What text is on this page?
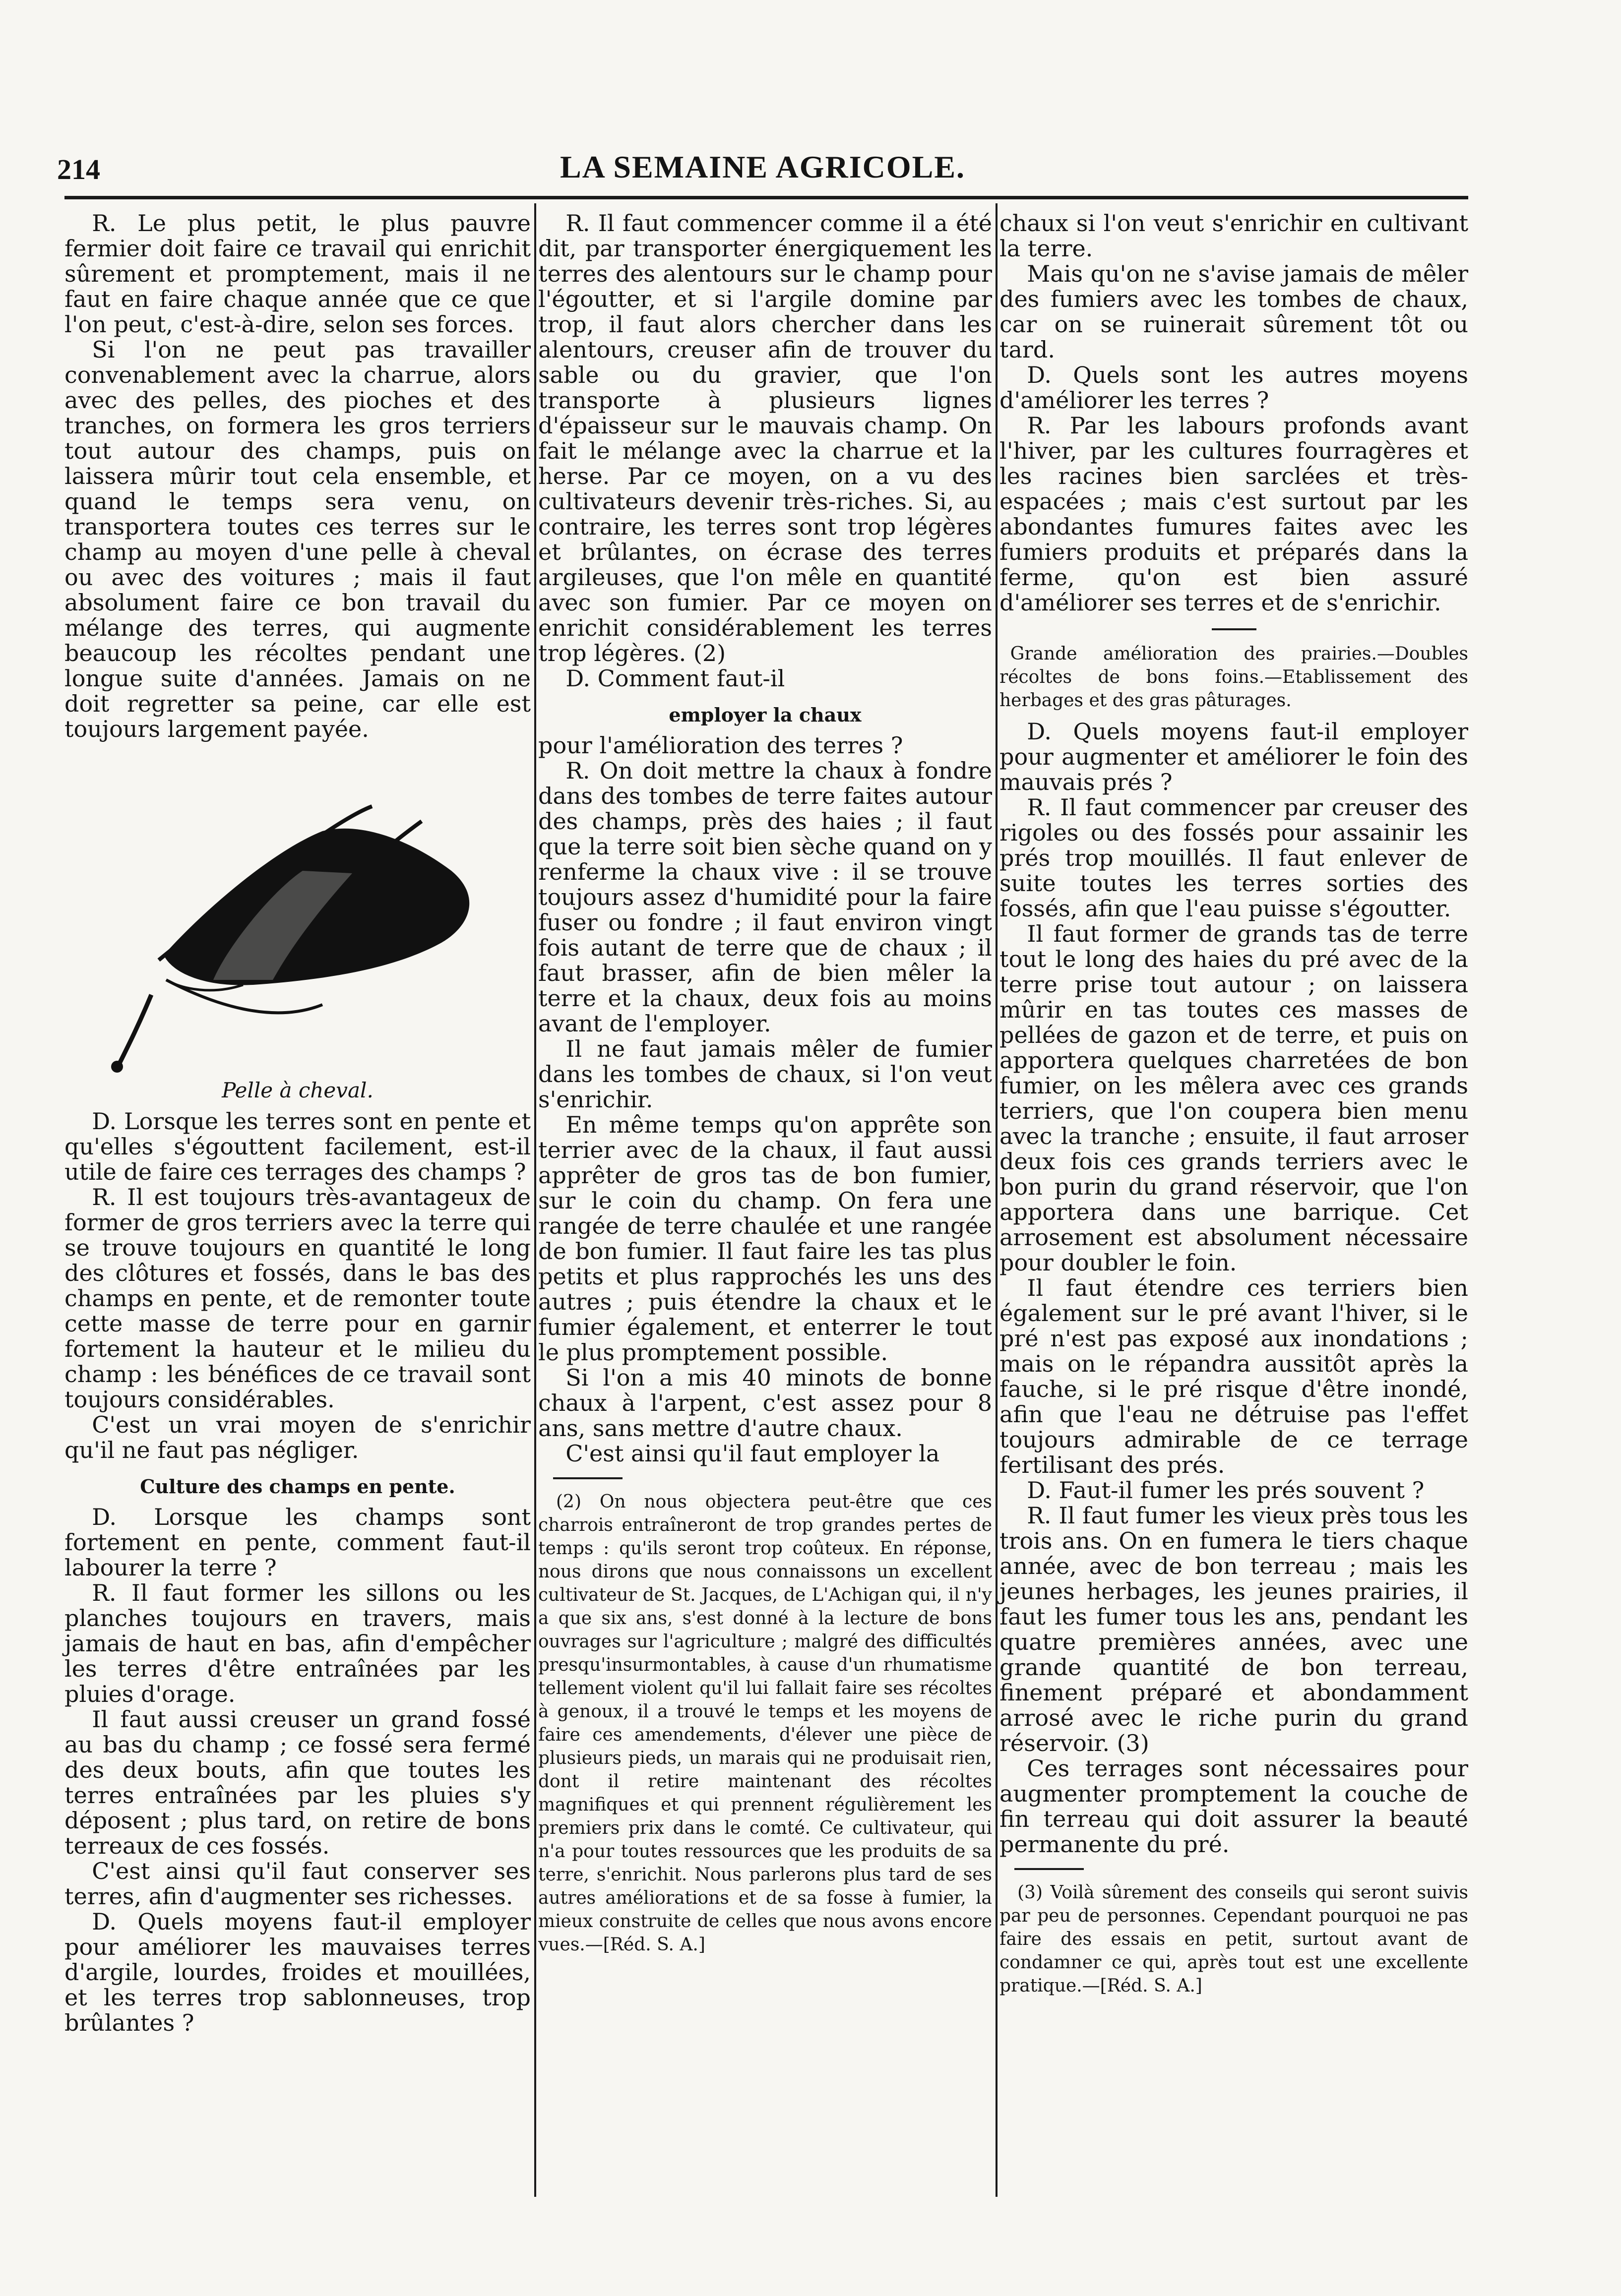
214	LA SEMAINE AGRICOLE.

R. Le plus petit, le plus pauvre fermier doit faire ce travail qui enrichit sûrement et promptement, mais il ne faut en faire chaque année que ce que l'on peut, c'est-à-dire, selon ses forces.

Si l'on ne peut pas travailler convenablement avec la charrue, alors avec des pelles, des pioches et des tranches, on formera les gros terriers tout autour des champs, puis on laissera mûrir tout cela ensemble, et quand le temps sera venu, on transportera toutes ces terres sur le champ au moyen d'une pelle à cheval ou avec des voitures ; mais il faut absolument faire ce bon travail du mélange des terres, qui augmente beaucoup les récoltes pendant une longue suite d'années. Jamais on ne doit regretter sa peine, car elle est toujours largement payée.

Pelle à cheval.

D. Lorsque les terres sont en pente et qu'elles s'égouttent facilement, est-il utile de faire ces terrages des champs ?

R. Il est toujours très-avantageux de former de gros terriers avec la terre qui se trouve toujours en quantité le long des clôtures et fossés, dans le bas des champs en pente, et de remonter toute cette masse de terre pour en garnir fortement la hauteur et le milieu du champ : les bénéfices de ce travail sont toujours considérables.

C'est un vrai moyen de s'enrichir qu'il ne faut pas négliger.

Culture des champs en pente.

D. Lorsque les champs sont fortement en pente, comment faut-il labourer la terre ?

R. Il faut former les sillons ou les planches toujours en travers, mais jamais de haut en bas, afin d'empêcher les terres d'être entraînées par les pluies d'orage.

Il faut aussi creuser un grand fossé au bas du champ ; ce fossé sera fermé des deux bouts, afin que toutes les terres entraînées par les pluies s'y déposent ; plus tard, on retire de bons terreaux de ces fossés.

C'est ainsi qu'il faut conserver ses terres, afin d'augmenter ses richesses.

D. Quels moyens faut-il employer pour améliorer les mauvaises terres d'argile, lourdes, froides et mouillées, et les terres trop sablonneuses, trop brûlantes ?

R. Il faut commencer comme il a été dit, par transporter énergiquement les terres des alentours sur le champ pour l'égoutter, et si l'argile domine par trop, il faut alors chercher dans les alentours, creuser afin de trouver du sable ou du gravier, que l'on transporte à plusieurs lignes d'épaisseur sur le mauvais champ. On fait le mélange avec la charrue et la herse. Par ce moyen, on a vu des cultivateurs devenir très-riches. Si, au contraire, les terres sont trop légères et brûlantes, on écrase des terres argileuses, que l'on mêle en quantité avec son fumier. Par ce moyen on enrichit considérablement les terres trop légères. (2)

D. Comment faut-il

employer la chaux

pour l'amélioration des terres ?

R. On doit mettre la chaux à fondre dans des tombes de terre faites autour des champs, près des haies ; il faut que la terre soit bien sèche quand on y renferme la chaux vive : il se trouve toujours assez d'humidité pour la faire fuser ou fondre ; il faut environ vingt fois autant de terre que de chaux ; il faut brasser, afin de bien mêler la terre et la chaux, deux fois au moins avant de l'employer.

Il ne faut jamais mêler de fumier dans les tombes de chaux, si l'on veut s'enrichir.

En même temps qu'on apprête son terrier avec de la chaux, il faut aussi apprêter de gros tas de bon fumier, sur le coin du champ. On fera une rangée de terre chaulée et une rangée de bon fumier. Il faut faire les tas plus petits et plus rapprochés les uns des autres ; puis étendre la chaux et le fumier également, et enterrer le tout le plus promptement possible.

Si l'on a mis 40 minots de bonne chaux à l'arpent, c'est assez pour 8 ans, sans mettre d'autre chaux.

C'est ainsi qu'il faut employer la

(2) On nous objectera peut-être que ces charrois entraîneront de trop grandes pertes de temps : qu'ils seront trop coûteux. En réponse, nous dirons que nous connaissons un excellent cultivateur de St. Jacques, de L'Achigan qui, il n'y a que six ans, s'est donné à la lecture de bons ouvrages sur l'agriculture ; malgré des difficultés presqu'insurmontables, à cause d'un rhumatisme tellement violent qu'il lui fallait faire ses récoltes à genoux, il a trouvé le temps et les moyens de faire ces amendements, d'élever une pièce de plusieurs pieds, un marais qui ne produisait rien, dont il retire maintenant des récoltes magnifiques et qui prennent régulièrement les premiers prix dans le comté. Ce cultivateur, qui n'a pour toutes ressources que les produits de sa terre, s'enrichit. Nous parlerons plus tard de ses autres améliorations et de sa fosse à fumier, la mieux construite de celles que nous avons encore vues.—[Réd. S. A.]

chaux si l'on veut s'enrichir en cultivant la terre.

Mais qu'on ne s'avise jamais de mêler des fumiers avec les tombes de chaux, car on se ruinerait sûrement tôt ou tard.

D. Quels sont les autres moyens d'améliorer les terres ?

R. Par les labours profonds avant l'hiver, par les cultures fourragères et les racines bien sarclées et très-espacées ; mais c'est surtout par les abondantes fumures faites avec les fumiers produits et préparés dans la ferme, qu'on est bien assuré d'améliorer ses terres et de s'enrichir.

Grande amélioration des prairies.—Doubles récoltes de bons foins.—Etablissement des herbages et des gras pâturages.

D. Quels moyens faut-il employer pour augmenter et améliorer le foin des mauvais prés ?

R. Il faut commencer par creuser des rigoles ou des fossés pour assainir les prés trop mouillés. Il faut enlever de suite toutes les terres sorties des fossés, afin que l'eau puisse s'égoutter.

Il faut former de grands tas de terre tout le long des haies du pré avec de la terre prise tout autour ; on laissera mûrir en tas toutes ces masses de pellées de gazon et de terre, et puis on apportera quelques charretées de bon fumier, on les mêlera avec ces grands terriers, que l'on coupera bien menu avec la tranche ; ensuite, il faut arroser deux fois ces grands terriers avec le bon purin du grand réservoir, que l'on apportera dans une barrique. Cet arrosement est absolument nécessaire pour doubler le foin.

Il faut étendre ces terriers bien également sur le pré avant l'hiver, si le pré n'est pas exposé aux inondations ; mais on le répandra aussitôt après la fauche, si le pré risque d'être inondé, afin que l'eau ne détruise pas l'effet toujours admirable de ce terrage fertilisant des prés.

D. Faut-il fumer les prés souvent ?

R. Il faut fumer les vieux près tous les trois ans. On en fumera le tiers chaque année, avec de bon terreau ; mais les jeunes herbages, les jeunes prairies, il faut les fumer tous les ans, pendant les quatre premières années, avec une grande quantité de bon terreau, finement préparé et abondamment arrosé avec le riche purin du grand réservoir. (3)

Ces terrages sont nécessaires pour augmenter promptement la couche de fin terreau qui doit assurer la beauté permanente du pré.

(3) Voilà sûrement des conseils qui seront suivis par peu de personnes. Cependant pourquoi ne pas faire des essais en petit, surtout avant de condamner ce qui, après tout est une excellente pratique.—[Réd. S. A.]
